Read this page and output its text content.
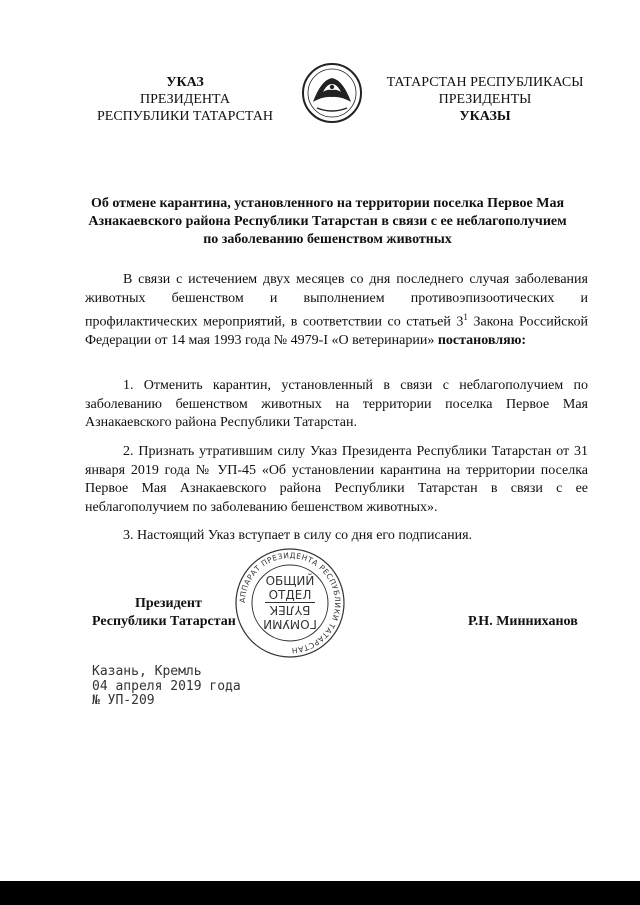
УКАЗ
ПРЕЗИДЕНТА
РЕСПУБЛИКИ ТАТАРСТАН
ТАТАРСТАН РЕСПУБЛИКАСЫ
ПРЕЗИДЕНТЫ
УКАЗЫ
Об отмене карантина, установленного на территории поселка Первое Мая Азнакаевского района Республики Татарстан в связи с ее неблагополучием по заболеванию бешенством животных
В связи с истечением двух месяцев со дня последнего случая заболевания животных бешенством и выполнением противоэпизоотических и профилактических мероприятий, в соответствии со статьей $3^1$ Закона Российской Федерации от 14 мая 1993 года № 4979-I «О ветеринарии» постановляю:
1. Отменить карантин, установленный в связи с неблагополучием по заболеванию бешенством животных на территории поселка Первое Мая Азнакаевского района Республики Татарстан.
2. Признать утратившим силу Указ Президента Республики Татарстан от 31 января 2019 года № УП-45 «Об установлении карантина на территории поселка Первое Мая Азнакаевского района Республики Татарстан в связи с ее неблагополучием по заболеванию бешенством животных».
3. Настоящий Указ вступает в силу со дня его подписания.
АППАРАТ ПРЕЗИДЕНТА РЕСПУБЛИКИ ТАТАРСТАН
ОБЩИЙ
ОТДЕЛ
БҮЛЕК
ГОМУМИ
Президент
Республики Татарстан	Р.Н. Минниханов
Казань, Кремль
04 апреля 2019 года
№ УП-209
